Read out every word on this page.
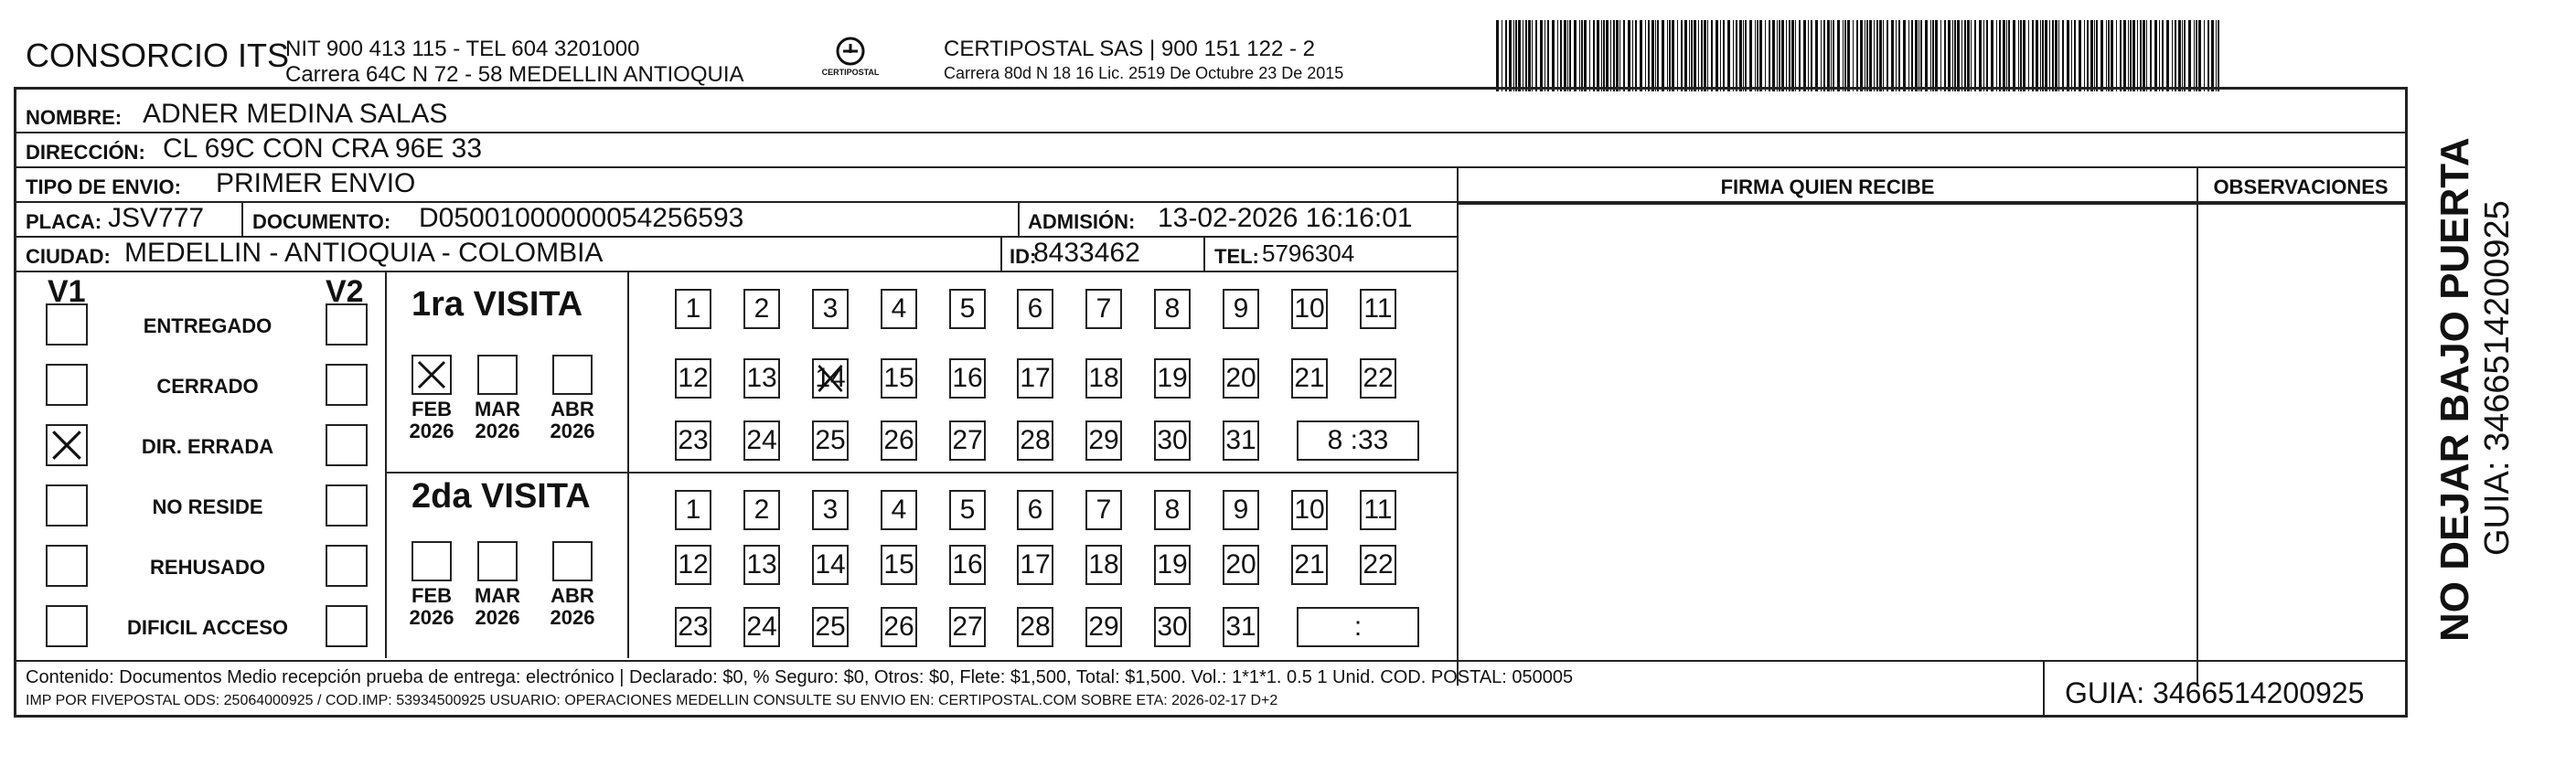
CONSORCIO ITS
NIT 900 413 115 - TEL 604 3201000
Carrera 64C N 72 - 58 MEDELLIN ANTIOQUIA	CERTIPOSTAL
CERTIPOSTAL SAS | 900 151 122 - 2
Carrera 80d N 18 16 Lic. 2519 De Octubre 23 De 2015
NOMBRE: ADNER MEDINA SALAS
DIRECCIÓN: CL 69C CON CRA 96E 33
TIPO DE ENVIO: PRIMER ENVIO	FIRMA QUIEN RECIBE	OBSERVACIONES
PLACA: JSV777 DOCUMENTO: D05001000000054256593	ADMISIÓN: 13-02-2026 16:16:01
CIUDAD: MEDELLIN - ANTIOQUIA - COLOMBIA	ID:
8433462	TEL: 5796304
V1	V2
ENTREGADO
CERRADO
DIR. ERRADA
NO RESIDE
REHUSADO
DIFICIL ACCESO
1ra VISITA
2da VISITA
FEB
2026
MAR
2026
ABR
2026
FEB
2026
MAR
2026
ABR
2026
1	2	3	4	5	6	7	8	9	10 11
12 13 14 15 16 17 18 19 20 21 22
23 24 25 26 27 28 29 30 31	8 :33
1	2	3	4	5	6	7	8	9	10 11
12 13 14 15 16 17 18 19 20 21 22
23 24 25 26 27 28 29 30 31	:
Contenido: Documentos Medio recepción prueba de entrega: electrónico | Declarado: $0, % Seguro: $0, Otros: $0, Flete: $1,500, Total: $1,500. Vol.: 1*1*1. 0.5 1 Unid. COD. POSTAL: 050005
IMP POR FIVEPOSTAL ODS: 25064000925 / COD.IMP: 53934500925 USUARIO: OPERACIONES MEDELLIN CONSULTE SU ENVIO EN: CERTIPOSTAL.COM SOBRE ETA: 2026-02-17 D+2	GUIA: 3466514200925
NO DEJAR BAJO PUERTA GUIA: 3466514200925
